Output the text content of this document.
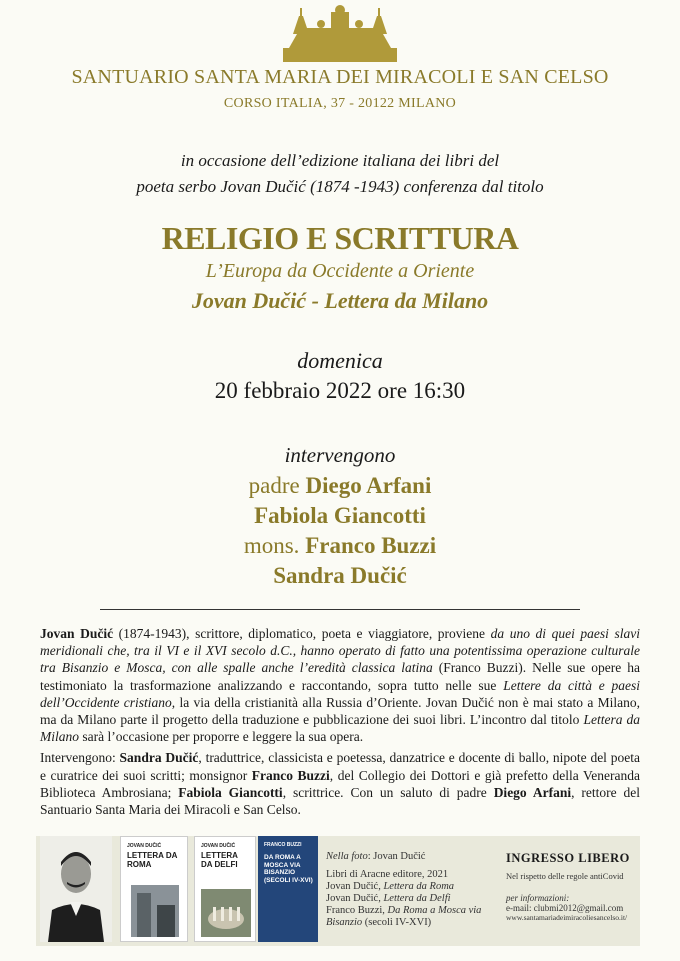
SANTUARIO SANTA MARIA DEI MIRACOLI E SAN CELSO
CORSO ITALIA, 37 - 20122 MILANO
in occasione dell’edizione italiana dei libri del
poeta serbo Jovan Dučić (1874 -1943) conferenza dal titolo
RELIGIO E SCRITTURA
L’Europa da Occidente a Oriente
Jovan Dučić - Lettera da Milano
domenica
20 febbraio 2022 ore 16:30
intervengono
padre Diego Arfani
Fabiola Giancotti
mons. Franco Buzzi
Sandra Dučić

Jovan Dučić (1874-1943), scrittore, diplomatico, poeta e viaggiatore, proviene da uno di quei paesi slavi meridionali che, tra il VI e il XVI secolo d.C., hanno operato di fatto una potentissima operazione culturale tra Bisanzio e Mosca, con alle spalle anche l’eredità classica latina (Franco Buzzi). Nelle sue opere ha testimoniato la trasformazione analizzando e raccontando, sopra tutto nelle sue Lettere da città e paesi dell’Occidente cristiano, la via della cristianità alla Russia d’Oriente. Jovan Dučić non è mai stato a Milano, ma da Milano parte il progetto della traduzione e pubblicazione dei suoi libri. L’incontro dal titolo Lettera da Milano sarà l’occasione per proporre e leggere la sua opera.

Intervengono: Sandra Dučić, traduttrice, classicista e poetessa, danzatrice e docente di ballo, nipote del poeta e curatrice dei suoi scritti; monsignor Franco Buzzi, del Collegio dei Dottori e già prefetto della Veneranda Biblioteca Ambrosiana; Fabiola Giancotti, scrittrice. Con un saluto di padre Diego Arfani, rettore del Santuario Santa Maria dei Miracoli e San Celso.

JOVAN DUČIĆ
LETTERA DA ROMA
JOVAN DUČIĆ
LETTERA DA DELFI
FRANCO BUZZI
DA ROMA A MOSCA VIA BISANZIO (SECOLI IV-XVI)
Nella foto: Jovan Dučić
Libri di Aracne editore, 2021
Jovan Dučić, Lettera da Roma
Jovan Dučić, Lettera da Delfi
Franco Buzzi, Da Roma a Mosca via
Bisanzio (secoli IV-XVI)
INGRESSO LIBERO
Nel rispetto delle regole antiCovid
per informazioni:
e-mail: clubmi2012@gmail.com
www.santamariadeimiracoliesancelso.it/
